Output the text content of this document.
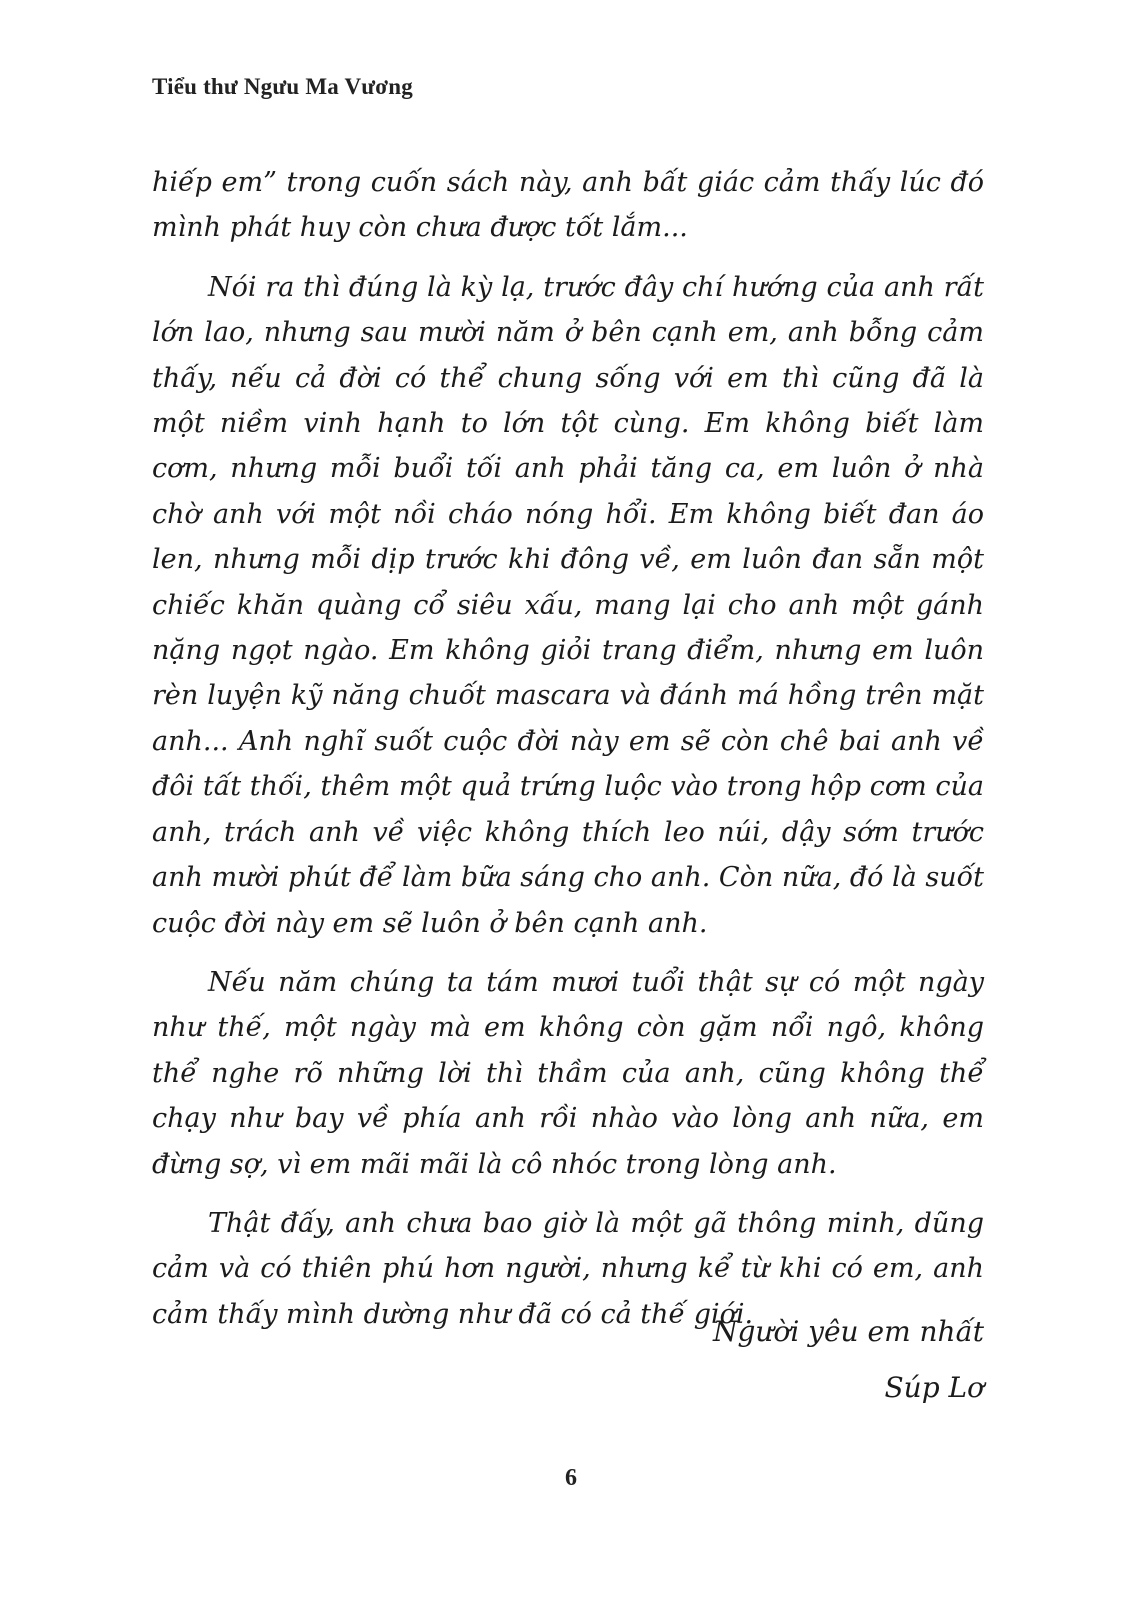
Tiểu thư Ngưu Ma Vương

hiếp em” trong cuốn sách này, anh bất giác cảm thấy lúc đó mình phát huy còn chưa được tốt lắm...

Nói ra thì đúng là kỳ lạ, trước đây chí hướng của anh rất lớn lao, nhưng sau mười năm ở bên cạnh em, anh bỗng cảm thấy, nếu cả đời có thể chung sống với em thì cũng đã là một niềm vinh hạnh to lớn tột cùng. Em không biết làm cơm, nhưng mỗi buổi tối anh phải tăng ca, em luôn ở nhà chờ anh với một nồi cháo nóng hổi. Em không biết đan áo len, nhưng mỗi dịp trước khi đông về, em luôn đan sẵn một chiếc khăn quàng cổ siêu xấu, mang lại cho anh một gánh nặng ngọt ngào. Em không giỏi trang điểm, nhưng em luôn rèn luyện kỹ năng chuốt mascara và đánh má hồng trên mặt anh... Anh nghĩ suốt cuộc đời này em sẽ còn chê bai anh về đôi tất thối, thêm một quả trứng luộc vào trong hộp cơm của anh, trách anh về việc không thích leo núi, dậy sớm trước anh mười phút để làm bữa sáng cho anh. Còn nữa, đó là suốt cuộc đời này em sẽ luôn ở bên cạnh anh.

Nếu năm chúng ta tám mươi tuổi thật sự có một ngày như thế, một ngày mà em không còn gặm nổi ngô, không thể nghe rõ những lời thì thầm của anh, cũng không thể chạy như bay về phía anh rồi nhào vào lòng anh nữa, em đừng sợ, vì em mãi mãi là cô nhóc trong lòng anh.

Thật đấy, anh chưa bao giờ là một gã thông minh, dũng cảm và có thiên phú hơn người, nhưng kể từ khi có em, anh cảm thấy mình dường như đã có cả thế giới.

Người yêu em nhất
Súp Lơ
6
